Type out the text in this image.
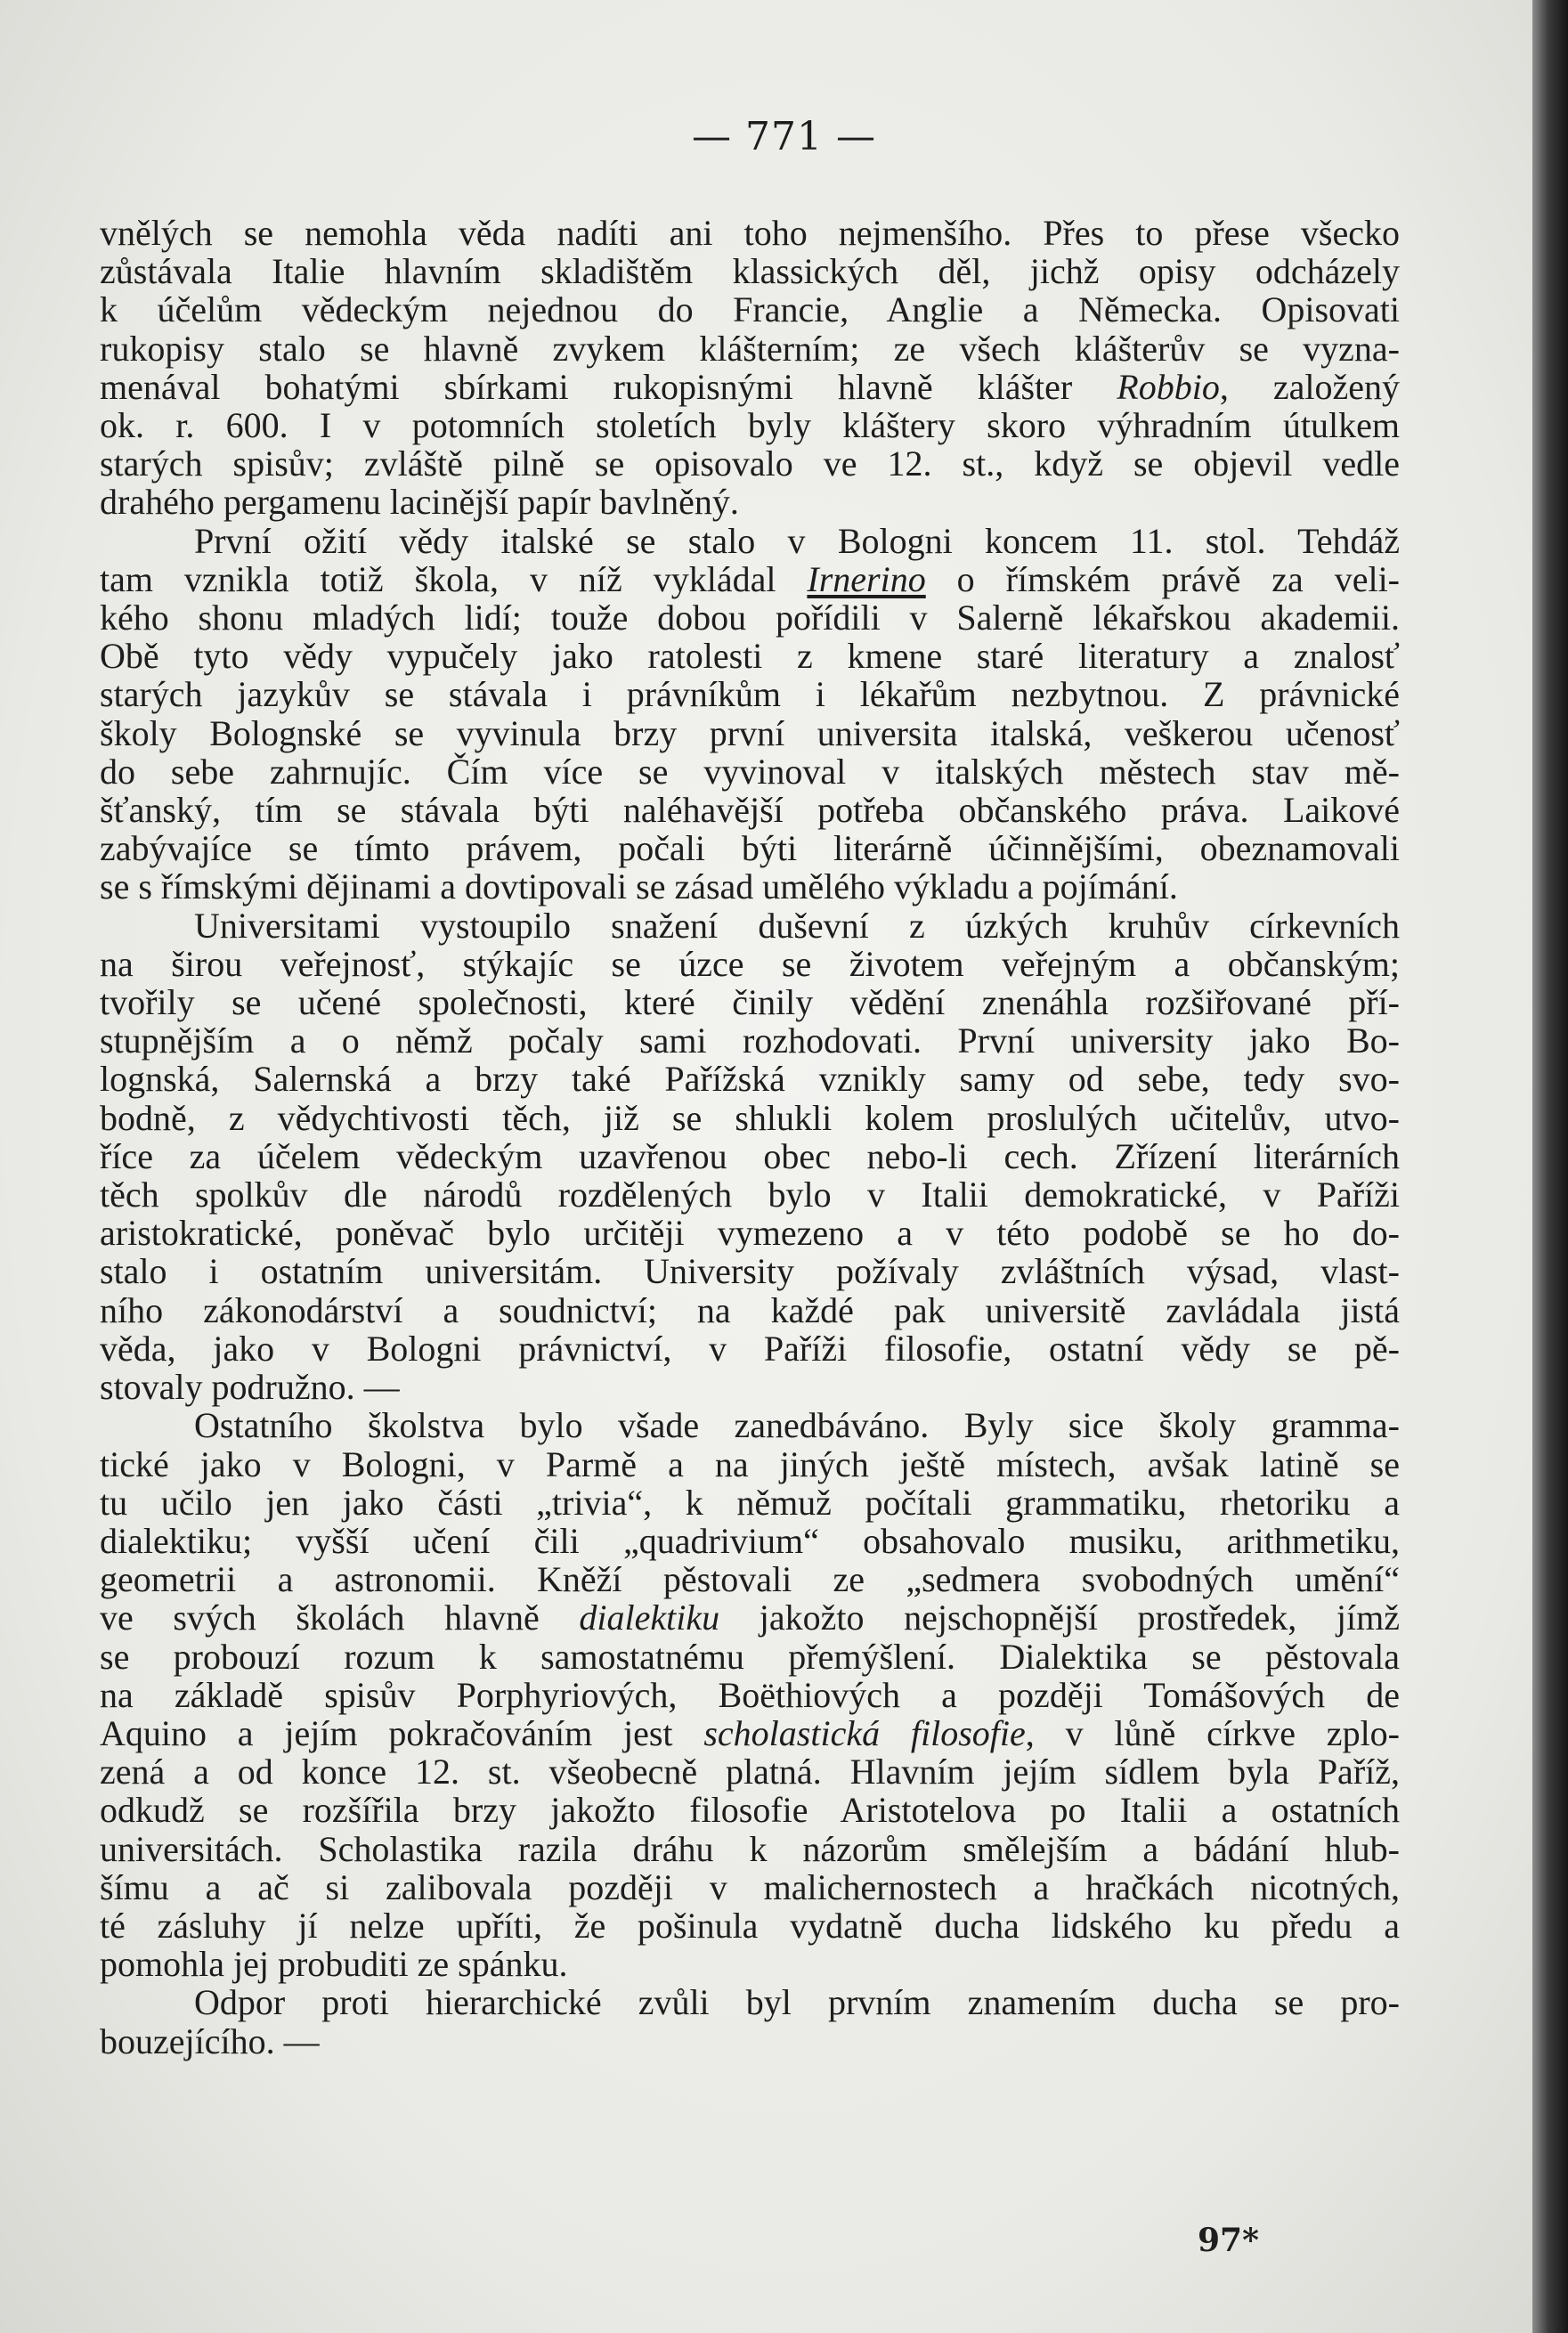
— 771 —
vnělých se nemohla věda nadíti ani toho nejmenšího. Přes to přese všecko
zůstávala Italie hlavním skladištěm klassických děl, jichž opisy odcházely
k účelům vědeckým nejednou do Francie, Anglie a Německa. Opisovati
rukopisy stalo se hlavně zvykem klášterním; ze všech klášterův se vyzna-
menával bohatými sbírkami rukopisnými hlavně klášter Robbio, založený
ok. r. 600. I v potomních stoletích byly kláštery skoro výhradním útulkem
starých spisův; zvláště pilně se opisovalo ve 12. st., když se objevil vedle
drahého pergamenu lacinější papír bavlněný.
První ožití vědy italské se stalo v Bologni koncem 11. stol. Tehdáž
tam vznikla totiž škola, v níž vykládal Irnerino o římském právě za veli-
kého shonu mladých lidí; touže dobou pořídili v Salerně lékařskou akademii.
Obě tyto vědy vypučely jako ratolesti z kmene staré literatury a znalosť
starých jazykův se stávala i právníkům i lékařům nezbytnou. Z právnické
školy Bolognské se vyvinula brzy první universita italská, veškerou učenosť
do sebe zahrnujíc. Čím více se vyvinoval v italských městech stav mě-
šťanský, tím se stávala býti naléhavější potřeba občanského práva. Laikové
zabývajíce se tímto právem, počali býti literárně účinnějšími, obeznamovali
se s římskými dějinami a dovtipovali se zásad umělého výkladu a pojímání.
Universitami vystoupilo snažení duševní z úzkých kruhův církevních
na širou veřejnosť, stýkajíc se úzce se životem veřejným a občanským;
tvořily se učené společnosti, které činily vědění znenáhla rozšiřované pří-
stupnějším a o němž počaly sami rozhodovati. První university jako Bo-
lognská, Salernská a brzy také Pařížská vznikly samy od sebe, tedy svo-
bodně, z vědychtivosti těch, již se shlukli kolem proslulých učitelův, utvo-
říce za účelem vědeckým uzavřenou obec nebo-li cech. Zřízení literárních
těch spolkův dle národů rozdělených bylo v Italii demokratické, v Paříži
aristokratické, poněvač bylo určitěji vymezeno a v této podobě se ho do-
stalo i ostatním universitám. University požívaly zvláštních výsad, vlast-
ního zákonodárství a soudnictví; na každé pak universitě zavládala jistá
věda, jako v Bologni právnictví, v Paříži filosofie, ostatní vědy se pě-
stovaly podružno. —
Ostatního školstva bylo všade zanedbáváno. Byly sice školy gramma-
tické jako v Bologni, v Parmě a na jiných ještě místech, avšak latině se
tu učilo jen jako části „trivia“, k němuž počítali grammatiku, rhetoriku a
dialektiku; vyšší učení čili „quadrivium“ obsahovalo musiku, arithmetiku,
geometrii a astronomii. Kněží pěstovali ze „sedmera svobodných umění“
ve svých školách hlavně dialektiku jakožto nejschopnější prostředek, jímž
se probouzí rozum k samostatnému přemýšlení. Dialektika se pěstovala
na základě spisův Porphyriových, Boëthiových a později Tomášových de
Aquino a jejím pokračováním jest scholastická filosofie, v lůně církve zplo-
zená a od konce 12. st. všeobecně platná. Hlavním jejím sídlem byla Paříž,
odkudž se rozšířila brzy jakožto filosofie Aristotelova po Italii a ostatních
universitách. Scholastika razila dráhu k názorům smělejším a bádání hlub-
šímu a ač si zalibovala později v malichernostech a hračkách nicotných,
té zásluhy jí nelze upříti, že pošinula vydatně ducha lidského ku předu a
pomohla jej probuditi ze spánku.
Odpor proti hierarchické zvůli byl prvním znamením ducha se pro-
bouzejícího. —
97*
